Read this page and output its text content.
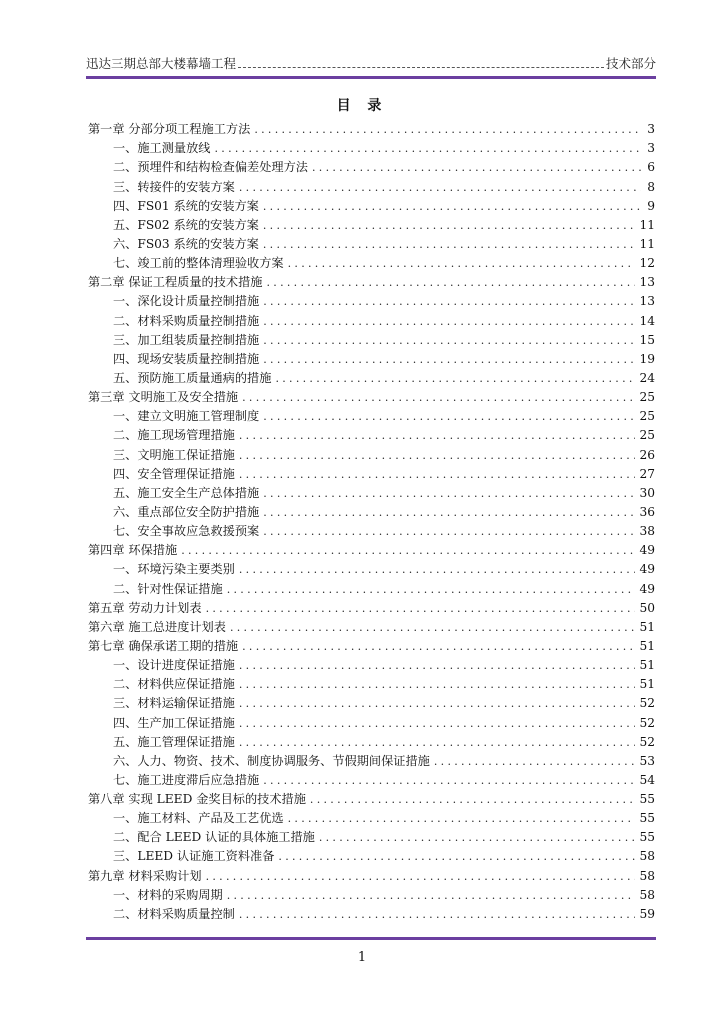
迅达三期总部大楼幕墙工程	技术部分
目 录
第一章 分部分项工程施工方法 .....	3
一、施工测量放线 .....	3
二、预埋件和结构检查偏差处理方法 .....	6
三、转接件的安装方案 .....	8
四、FS01 系统的安装方案 .....	9
五、FS02 系统的安装方案 .....	11
六、FS03 系统的安装方案 .....	11
七、竣工前的整体清理验收方案 .....	12
第二章 保证工程质量的技术措施 .....	13
一、深化设计质量控制措施 .....	13
二、材料采购质量控制措施 .....	14
三、加工组装质量控制措施 .....	15
四、现场安装质量控制措施 .....	19
五、预防施工质量通病的措施 .....	24
第三章 文明施工及安全措施 .....	25
一、建立文明施工管理制度 .....	25
二、施工现场管理措施 .....	25
三、文明施工保证措施 .....	26
四、安全管理保证措施 .....	27
五、施工安全生产总体措施 .....	30
六、重点部位安全防护措施 .....	36
七、安全事故应急救援预案 .....	38
第四章 环保措施 .....	49
一、环境污染主要类别 .....	49
二、针对性保证措施 .....	49
第五章 劳动力计划表 .....	50
第六章 施工总进度计划表 .....	51
第七章 确保承诺工期的措施 .....	51
一、设计进度保证措施 .....	51
二、材料供应保证措施 .....	51
三、材料运输保证措施 .....	52
四、生产加工保证措施 .....	52
五、施工管理保证措施 .....	52
六、人力、物资、技术、制度协调服务、节假期间保证措施 .....	53
七、施工进度滞后应急措施 .....	54
第八章 实现 LEED 金奖目标的技术措施 .....	55
一、施工材料、产品及工艺优选 .....	55
二、配合 LEED 认证的具体施工措施 .....	55
三、LEED 认证施工资料准备 .....	58
第九章 材料采购计划 .....	58
一、材料的采购周期 .....	58
二、材料采购质量控制 .....	59
1
